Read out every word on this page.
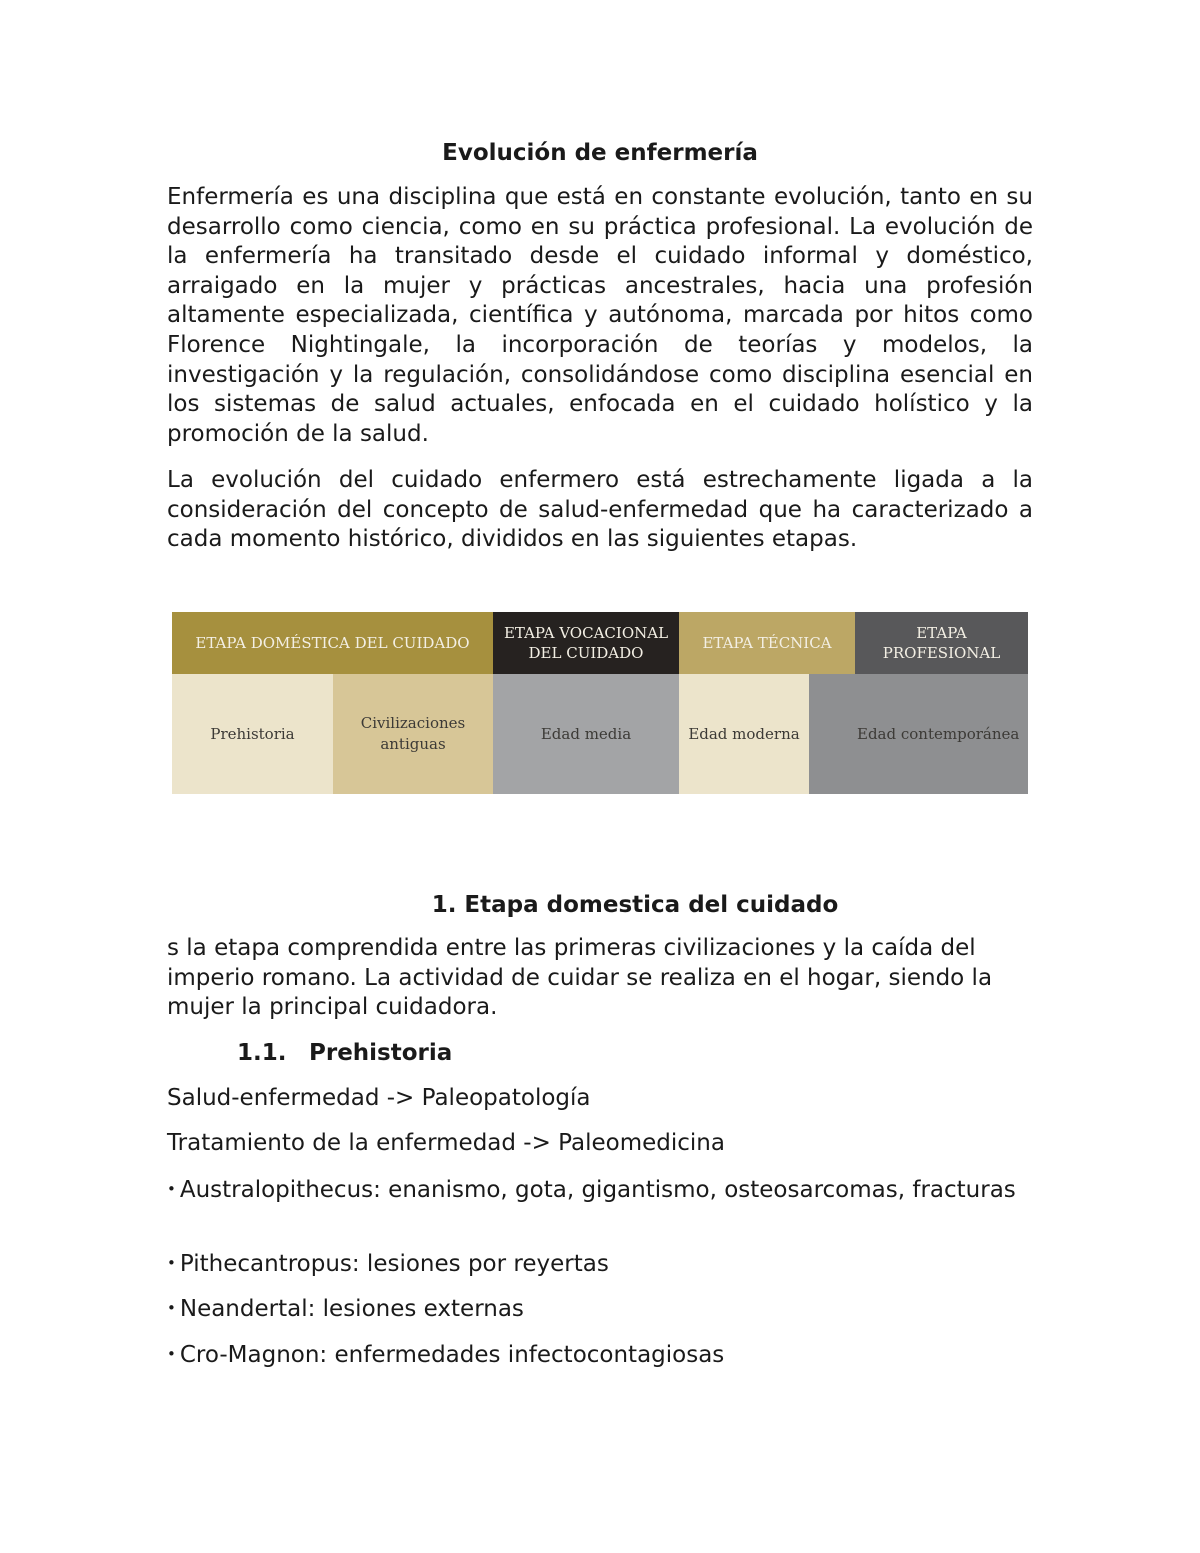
Evolución de enfermería

Enfermería es una disciplina que está en constante evolución, tanto en su desarrollo como ciencia, como en su práctica profesional. La evolución de la enfermería ha transitado desde el cuidado informal y doméstico, arraigado en la mujer y prácticas ancestrales, hacia una profesión altamente especializada, científica y autónoma, marcada por hitos como Florence Nightingale, la incorporación de teorías y modelos, la investigación y la regulación, consolidándose como disciplina esencial en los sistemas de salud actuales, enfocada en el cuidado holístico y la promoción de la salud.

La evolución del cuidado enfermero está estrechamente ligada a la consideración del concepto de salud-enfermedad que ha caracterizado a cada momento histórico, divididos en las siguientes etapas.

ETAPA DOMÉSTICA DEL CUIDADO
ETAPA VOCACIONAL DEL CUIDADO
ETAPA TÉCNICA
ETAPA PROFESIONAL
Prehistoria
Civilizaciones antiguas
Edad media	Edad moderna	Edad contemporánea
1. Etapa domestica del cuidado

s la etapa comprendida entre las primeras civilizaciones y la caída del imperio romano. La actividad de cuidar se realiza en el hogar, siendo la mujer la principal cuidadora.

1.1. Prehistoria

Salud-enfermedad -> Paleopatología

Tratamiento de la enfermedad -> Paleomedicina

• Australopithecus: enanismo, gota, gigantismo, osteosarcomas, fracturas

• Pithecantropus: lesiones por reyertas

• Neandertal: lesiones externas

• Cro-Magnon: enfermedades infectocontagiosas
